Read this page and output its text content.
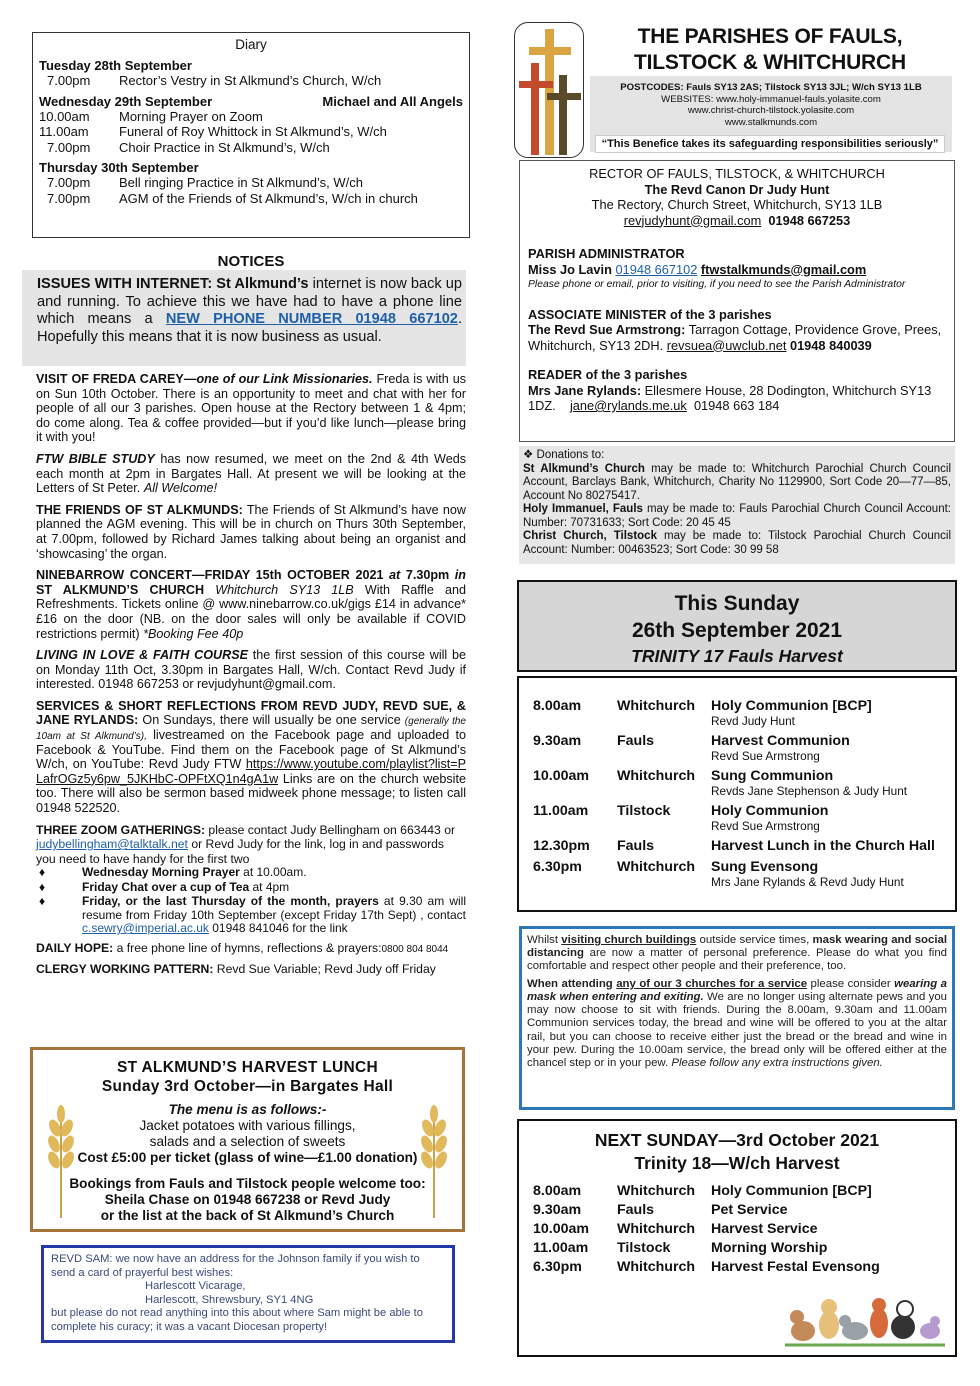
Diary
Tuesday 28th September
7.00pm	Rector’s Vestry in St Alkmund’s Church, W/ch
Wednesday 29th September	Michael and All Angels
10.00am	Morning Prayer on Zoom
11.00am	Funeral of Roy Whittock in St Alkmund’s, W/ch
7.00pm	Choir Practice in St Alkmund’s, W/ch
Thursday 30th September
7.00pm	Bell ringing Practice in St Alkmund’s, W/ch
7.00pm	AGM of the Friends of St Alkmund’s, W/ch in church
NOTICES
ISSUES WITH INTERNET: St Alkmund’s internet is now back up and running. To achieve this we have had to have a phone line which means a NEW PHONE NUMBER 01948 667102. Hopefully this means that it is now business as usual.

VISIT OF FREDA CAREY—one of our Link Missionaries. Freda is with us on Sun 10th October. There is an opportunity to meet and chat with her for people of all our 3 parishes. Open house at the Rectory between 1 & 4pm; do come along. Tea & coffee provided—but if you’d like lunch—please bring it with you!

FTW BIBLE STUDY has now resumed, we meet on the 2nd & 4th Weds each month at 2pm in Bargates Hall. At present we will be looking at the Letters of St Peter. All Welcome!

THE FRIENDS OF ST ALKMUNDS: The Friends of St Alkmund’s have now planned the AGM evening. This will be in church on Thurs 30th September, at 7.00pm, followed by Richard James talking about being an organist and ‘showcasing’ the organ.

NINEBARROW CONCERT—FRIDAY 15th OCTOBER 2021 at 7.30pm in ST ALKMUND’S CHURCH Whitchurch SY13 1LB With Raffle and Refreshments. Tickets online @ www.ninebarrow.co.uk/gigs £14 in advance* £16 on the door (NB. on the door sales will only be available if COVID restrictions permit) *Booking Fee 40p

LIVING IN LOVE & FAITH COURSE the first session of this course will be on Monday 11th Oct, 3.30pm in Bargates Hall, W/ch. Contact Revd Judy if interested. 01948 667253 or revjudyhunt@gmail.com.

SERVICES & SHORT REFLECTIONS FROM REVD JUDY, REVD SUE, & JANE RYLANDS: On Sundays, there will usually be one service (generally the 10am at St Alkmund’s), livestreamed on the Facebook page and uploaded to Facebook & YouTube. Find them on the Facebook page of St Alkmund’s W/ch, on YouTube: Revd Judy FTW https://www.youtube.com/playlist?list=PLafrOGz5y6pw_5JKHbC-OPFtXQ1n4gA1w Links are on the church website too. There will also be sermon based midweek phone message; to listen call 01948 522520.

THREE ZOOM GATHERINGS: please contact Judy Bellingham on 663443 or judybellingham@talktalk.net or Revd Judy for the link, log in and passwords you need to have handy for the first two

♦	Wednesday Morning Prayer at 10.00am.
♦	Friday Chat over a cup of Tea at 4pm
♦	Friday, or the last Thursday of the month, prayers at 9.30 am will resume from Friday 10th September (except Friday 17th Sept) , contact c.sewry@imperial.ac.uk 01948 841046 for the link

DAILY HOPE: a free phone line of hymns, reflections & prayers:0800 804 8044

CLERGY WORKING PATTERN: Revd Sue Variable; Revd Judy off Friday

ST ALKMUND’S HARVEST LUNCH
Sunday 3rd October—in Bargates Hall
The menu is as follows:-
Jacket potatoes with various fillings,
salads and a selection of sweets
Cost £5:00 per ticket (glass of wine—£1.00 donation)
Bookings from Fauls and Tilstock people welcome too:
Sheila Chase on 01948 667238 or Revd Judy
or the list at the back of St Alkmund’s Church
REVD SAM: we now have an address for the Johnson family if you wish to send a card of prayerful best wishes:
Harlescott Vicarage,
Harlescott, Shrewsbury, SY1 4NG
but please do not read anything into this about where Sam might be able to complete his curacy; it was a vacant Diocesan property!
THE PARISHES OF FAULS,
TILSTOCK & WHITCHURCH
POSTCODES: Fauls SY13 2AS; Tilstock SY13 3JL; W/ch SY13 1LB
WEBSITES: www.holy-immanuel-fauls.yolasite.com
www.christ-church-tilstock.yolasite.com
www.stalkmunds.com
“This Benefice takes its safeguarding responsibilities seriously”
RECTOR OF FAULS, TILSTOCK, & WHITCHURCH
The Revd Canon Dr Judy Hunt
The Rectory, Church Street, Whitchurch, SY13 1LB
revjudyhunt@gmail.com 01948 667253
PARISH ADMINISTRATOR
Miss Jo Lavin 01948 667102 ftwstalkmunds@gmail.com
Please phone or email, prior to visiting, if you need to see the Parish Administrator
ASSOCIATE MINISTER of the 3 parishes
The Revd Sue Armstrong: Tarragon Cottage, Providence Grove, Prees, Whitchurch, SY13 2DH. revsuea@uwclub.net 01948 840039
READER of the 3 parishes
Mrs Jane Rylands: Ellesmere House, 28 Dodington, Whitchurch SY13 1DZ. jane@rylands.me.uk 01948 663 184
❖ Donations to:
St Alkmund’s Church may be made to: Whitchurch Parochial Church Council Account, Barclays Bank, Whitchurch, Charity No 1129900, Sort Code 20—77—85, Account No 80275417.
Holy Immanuel, Fauls may be made to: Fauls Parochial Church Council Account: Number: 70731633; Sort Code: 20 45 45
Christ Church, Tilstock may be made to: Tilstock Parochial Church Council Account: Number: 00463523; Sort Code: 30 99 58
This Sunday
26th September 2021
TRINITY 17 Fauls Harvest
8.00am	Whitchurch	Holy Communion [BCP]
Revd Judy Hunt
9.30am	Fauls	Harvest Communion
Revd Sue Armstrong
10.00am	Whitchurch	Sung Communion
Revds Jane Stephenson & Judy Hunt
11.00am	Tilstock	Holy Communion
Revd Sue Armstrong
12.30pm	Fauls	Harvest Lunch in the Church Hall
6.30pm	Whitchurch	Sung Evensong
Mrs Jane Rylands & Revd Judy Hunt

Whilst visiting church buildings outside service times, mask wearing and social distancing are now a matter of personal preference. Please do what you find comfortable and respect other people and their preference, too.

When attending any of our 3 churches for a service please consider wearing a mask when entering and exiting. We are no longer using alternate pews and you may now choose to sit with friends. During the 8.00am, 9.30am and 11.00am Communion services today, the bread and wine will be offered to you at the altar rail, but you can choose to receive either just the bread or the bread and wine in your pew. During the 10.00am service, the bread only will be offered either at the chancel step or in your pew. Please follow any extra instructions given.

NEXT SUNDAY—3rd October 2021
Trinity 18—W/ch Harvest
8.00am	Whitchurch	Holy Communion [BCP]
9.30am	Fauls	Pet Service
10.00am	Whitchurch	Harvest Service
11.00am	Tilstock	Morning Worship
6.30pm	Whitchurch	Harvest Festal Evensong
